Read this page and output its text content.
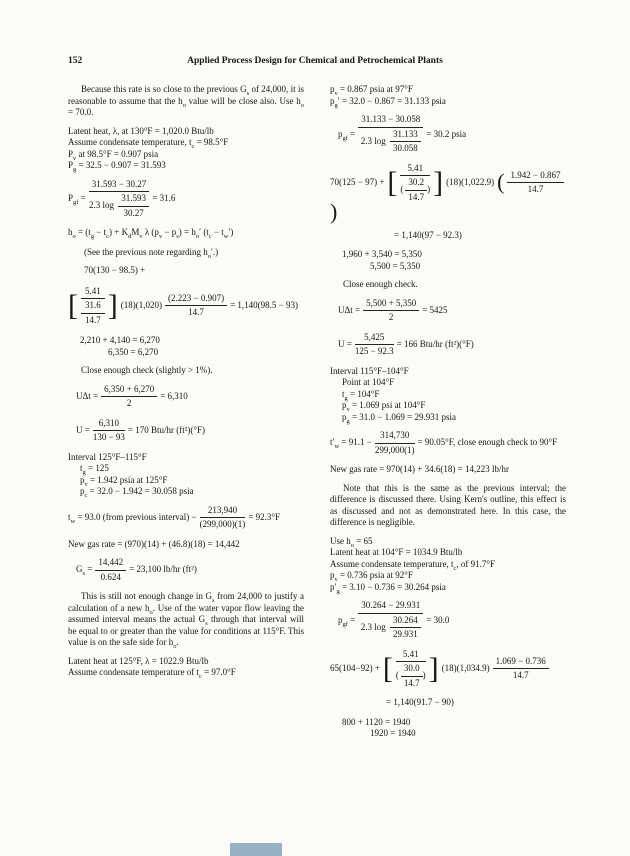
152	Applied Process Design for Chemical and Petrochemical Plants

Because this rate is so close to the previous $G_s$ of 24,000, it is reasonable to assume that the $h_o$ value will be close also. Use $h_o = 70.0$.

Latent heat, λ, at 130°F = 1,020.0 Btu/lb
Assume condensate temperature, $t_c = 98.5^\circ F$
$P_v$ at 98.5°F = 0.907 psia
$P_g = 32.5 - 0.907 = 31.593$
$P_{gf} = \frac{31.593 - 30.27}{2.3 \log \frac{31.593}{30.27}} = 31.6$
$h_o = (t_g - t_c) + K_dM_v$ λ $(p_v - p_s) = h_o'$ $(t_c - t_w')$

(See the previous note regarding $h_o'$.)

70(130 − 98.5) +
[ 5.41
31.6
14.7 ] $(18)(1,020) \frac{(2.223 - 0.907)}{14.7} = 1,140(98.5 - 93)$
2,210 + 4,140 = 6,270
6,350 = 6,270

Close enough check (slightly > 1%).

$U\Delta t = \frac{6,350 + 6,270}{2} = 6,310$
$U = \frac{6,310}{130 - 93} = 170$ Btu/hr (ft²)(°F)
Interval 125°F–115°F
$t_g = 125$
$p_v = 1.942$ psia at 125°F
$p_c = 32.0 - 1.942 = 30.058$ psia
$t_w = 93.0$ (from previous interval) − $\frac{213,940}{(299,000)(1)} = 92.3^\circ F$
New gas rate = (970)(14) + (46.8)(18) = 14,442
$G_s = \frac{14,442}{0.624} = 23,100$ lb/hr (ft²)

This is still not enough change in $G_s$ from 24,000 to justify a calculation of a new $h_o$. Use of the water vapor flow leaving the assumed interval means the actual $G_s$ through that interval will be equal to or greater than the value for conditions at 115°F. This value is on the safe side for $h_o$.

Latent heat at 125°F, λ = 1022.9 Btu/lb
Assume condensate temperature of $t_c = 97.0^\circ F$
$p_v = 0.867$ psia at 97°F
$p_g' = 32.0 - 0.867 = 31.133$ psia
$p_{gf} = \frac{31.133 - 30.058}{2.3 \log \frac{31.133}{30.058}} = 30.2$ psia
70(125 − 97) + [ $\frac{5.41}{( \frac{30.2}{14.7} )}$ ] (18)(1,022.9) ( $\frac{1.942 - 0.867}{14.7}$
)
= 1,140(97 − 92.3)
1,960 + 3,540 = 5,350
5,500 = 5,350

Close enough check.

$U\Delta t = \frac{5,500 + 5,350}{2} = 5425$
$U = \frac{5,425}{125 - 92.3} = 166$ Btu/hr (ft²)(°F)
Interval 115°F–104°F
Point at 104°F
$t_g = 104^\circ F$
$p_v = 1.069$ psi at 104°F
$p_g = 31.0 - 1.069 = 29.931$ psia
$t'_w = 91.1 - \frac{314,730}{299,000(1)} = 90.05^\circ F$, close enough check to 90°F
New gas rate = 970(14) + 34.6(18) = 14,223 lb/hr

Note that this is the same as the previous interval; the difference is discussed there. Using Kern's outline, this effect is as discussed and not as demonstrated here. In this case, the difference is negligible.

Use $h_o = 65$
Latent heat at 104°F = 1034.9 Btu/lb
Assume condensate temperature, $t_c$, of 91.7°F
$p_v = 0.736$ psia at 92°F
$p'_g = 3.10 - 0.736 = 30.264$ psia
$p_{gf} = \frac{30.264 - 29.931}{2.3 \log \frac{30.264}{29.931}} = 30.0$
65(104−92) + [ $\frac{5.41}{( \frac{30.0}{14.7} )}$ ] $(18)(1,034.9) \frac{1.069 - 0.736}{14.7}$
= 1,140(91.7 − 90)
800 + 1120 = 1940
1920 = 1940
